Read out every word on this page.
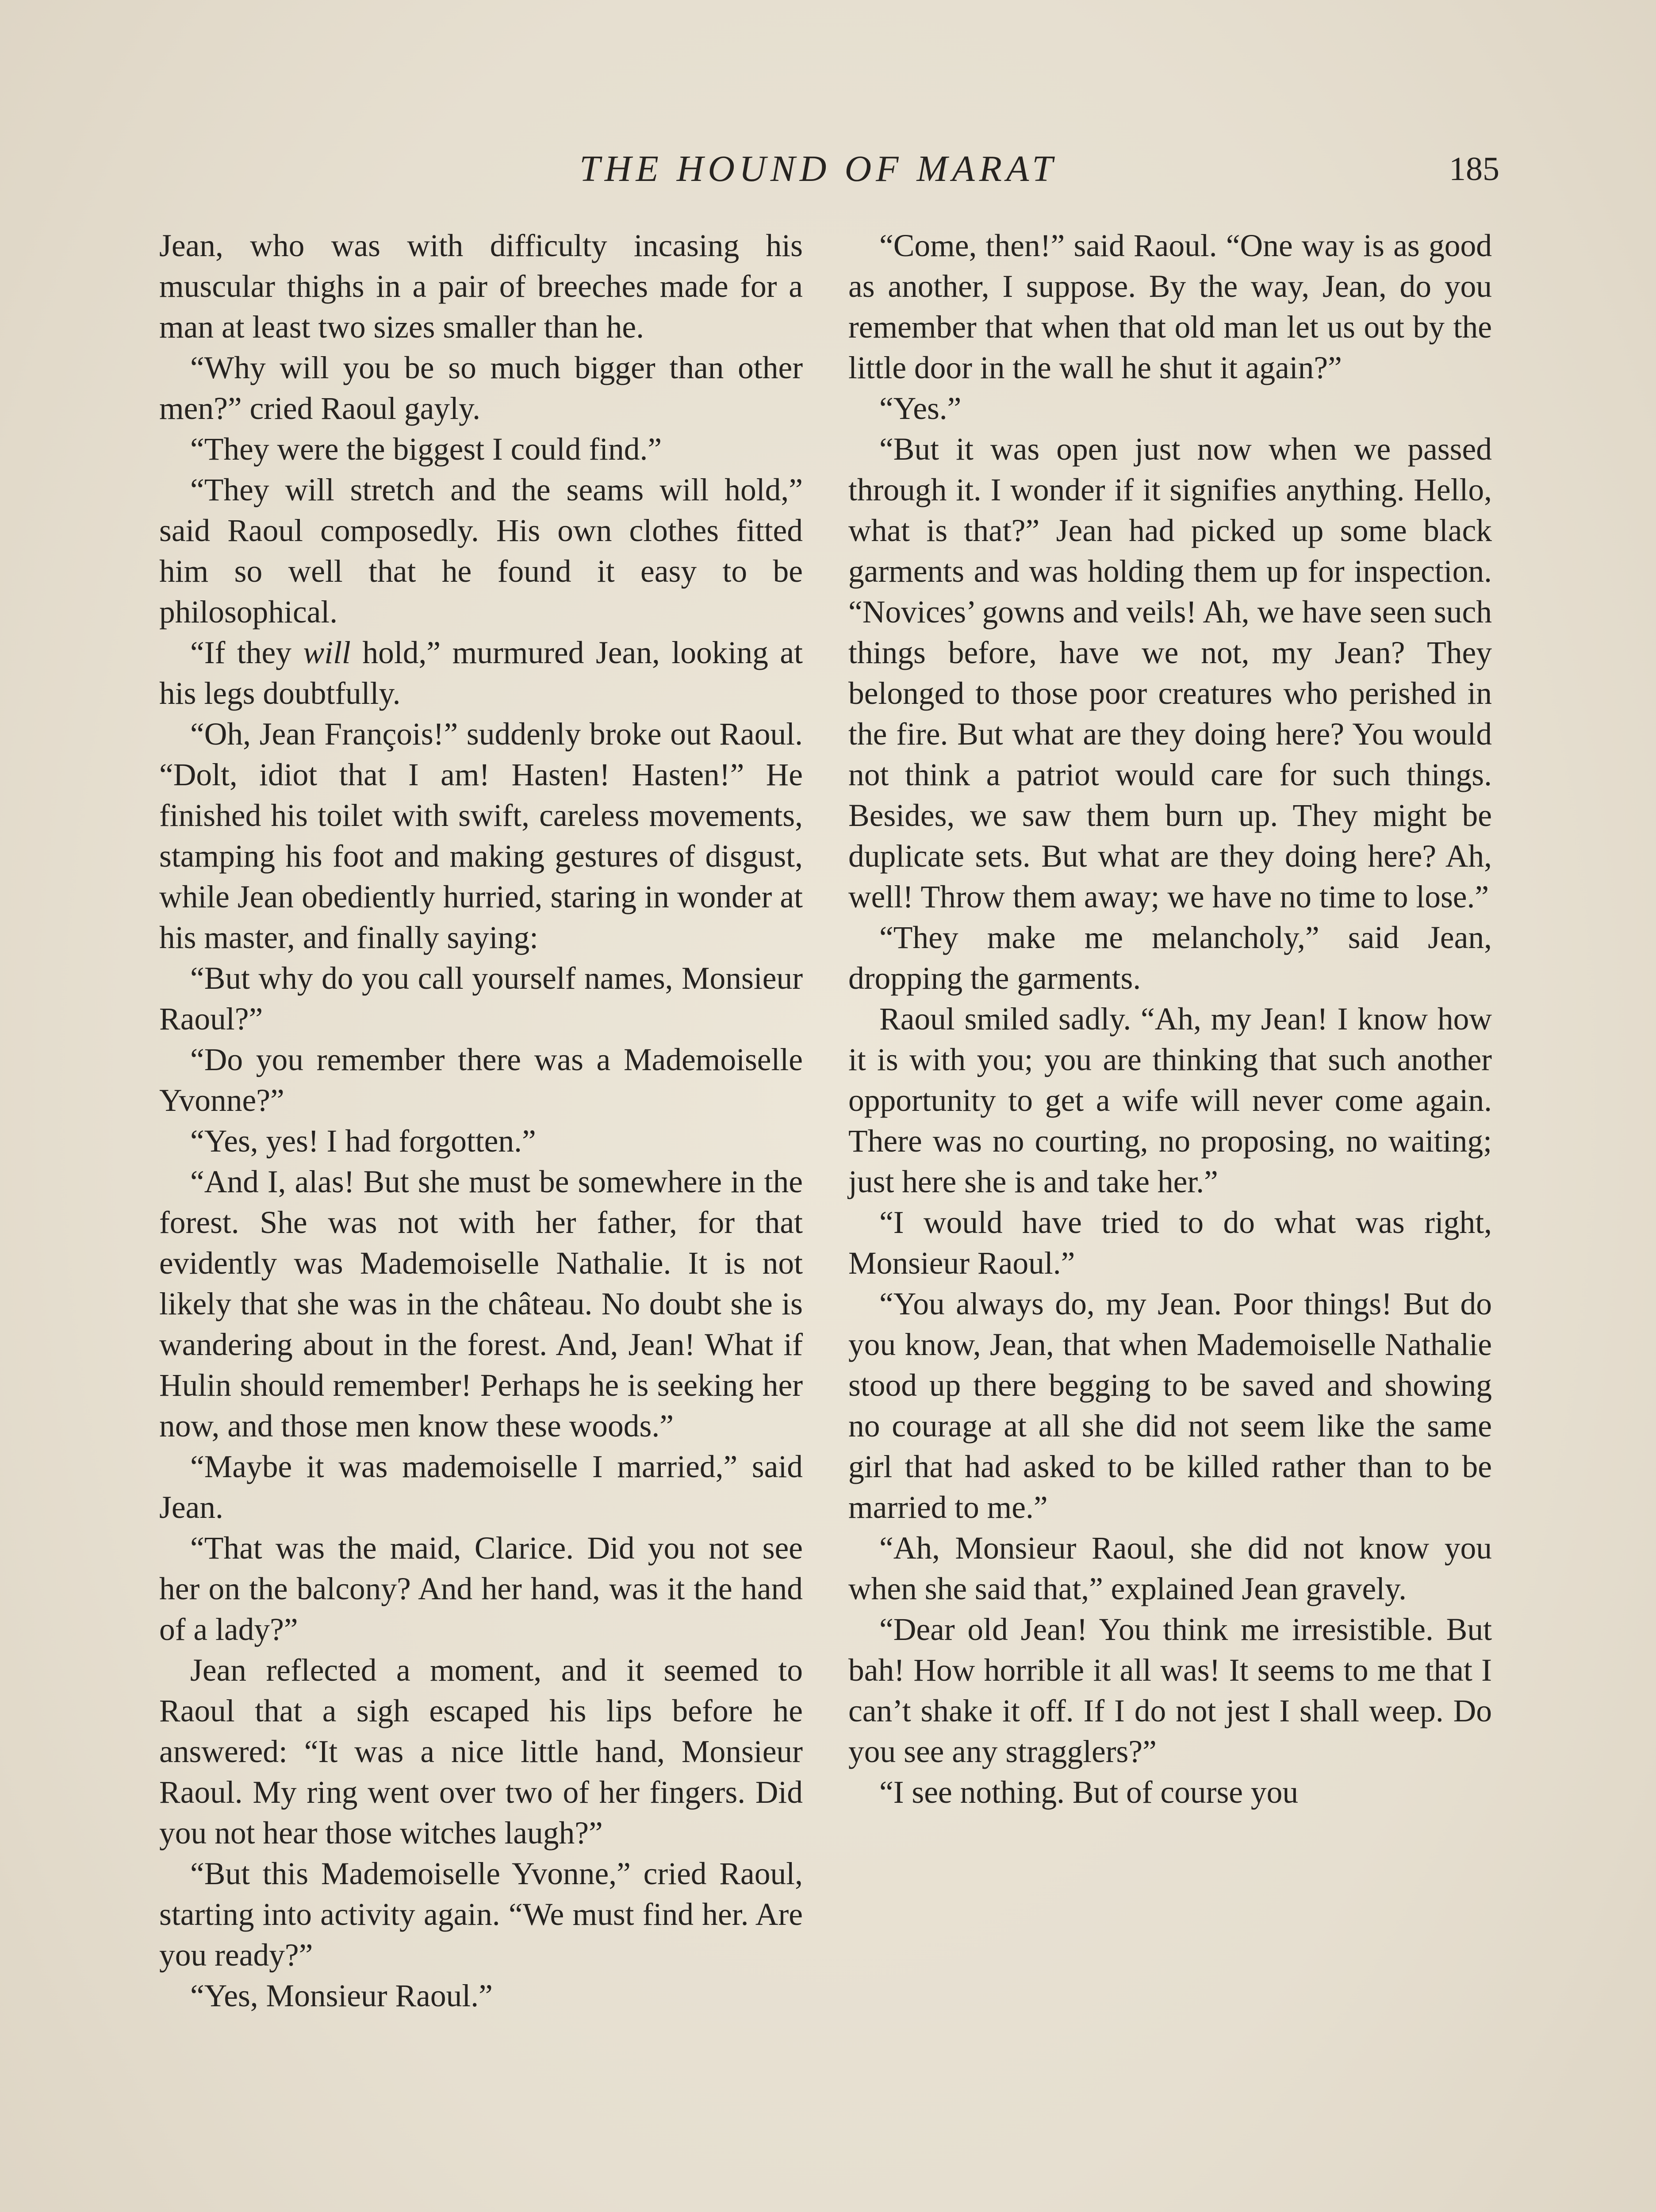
THE HOUND OF MARAT	185

Jean, who was with difficulty incasing his muscular thighs in a pair of breeches made for a man at least two sizes smaller than he.

“Why will you be so much bigger than other men?” cried Raoul gayly.

“They were the biggest I could find.”

“They will stretch and the seams will hold,” said Raoul composedly. His own clothes fitted him so well that he found it easy to be philosophical.

“If they will hold,” murmured Jean, looking at his legs doubtfully.

“Oh, Jean François!” suddenly broke out Raoul. “Dolt, idiot that I am! Hasten! Hasten!” He finished his toilet with swift, careless movements, stamping his foot and making gestures of disgust, while Jean obediently hurried, staring in wonder at his master, and finally saying:

“But why do you call yourself names, Monsieur Raoul?”

“Do you remember there was a Mademoiselle Yvonne?”

“Yes, yes! I had forgotten.”

“And I, alas! But she must be somewhere in the forest. She was not with her father, for that evidently was Mademoiselle Nathalie. It is not likely that she was in the château. No doubt she is wandering about in the forest. And, Jean! What if Hulin should remember! Perhaps he is seeking her now, and those men know these woods.”

“Maybe it was mademoiselle I married,” said Jean.

“That was the maid, Clarice. Did you not see her on the balcony? And her hand, was it the hand of a lady?”

Jean reflected a moment, and it seemed to Raoul that a sigh escaped his lips before he answered: “It was a nice little hand, Monsieur Raoul. My ring went over two of her fingers. Did you not hear those witches laugh?”

“But this Mademoiselle Yvonne,” cried Raoul, starting into activity again. “We must find her. Are you ready?”

“Yes, Monsieur Raoul.”

“Come, then!” said Raoul. “One way is as good as another, I suppose. By the way, Jean, do you remember that when that old man let us out by the little door in the wall he shut it again?”

“Yes.”

“But it was open just now when we passed through it. I wonder if it signifies anything. Hello, what is that?” Jean had picked up some black garments and was holding them up for inspection. “Novices’ gowns and veils! Ah, we have seen such things before, have we not, my Jean? They belonged to those poor creatures who perished in the fire. But what are they doing here? You would not think a patriot would care for such things. Besides, we saw them burn up. They might be duplicate sets. But what are they doing here? Ah, well! Throw them away; we have no time to lose.”

“They make me melancholy,” said Jean, dropping the garments.

Raoul smiled sadly. “Ah, my Jean! I know how it is with you; you are thinking that such another opportunity to get a wife will never come again. There was no courting, no proposing, no waiting; just here she is and take her.”

“I would have tried to do what was right, Monsieur Raoul.”

“You always do, my Jean. Poor things! But do you know, Jean, that when Mademoiselle Nathalie stood up there begging to be saved and showing no courage at all she did not seem like the same girl that had asked to be killed rather than to be married to me.”

“Ah, Monsieur Raoul, she did not know you when she said that,” explained Jean gravely.

“Dear old Jean! You think me irresistible. But bah! How horrible it all was! It seems to me that I can’t shake it off. If I do not jest I shall weep. Do you see any stragglers?”

“I see nothing. But of course you
